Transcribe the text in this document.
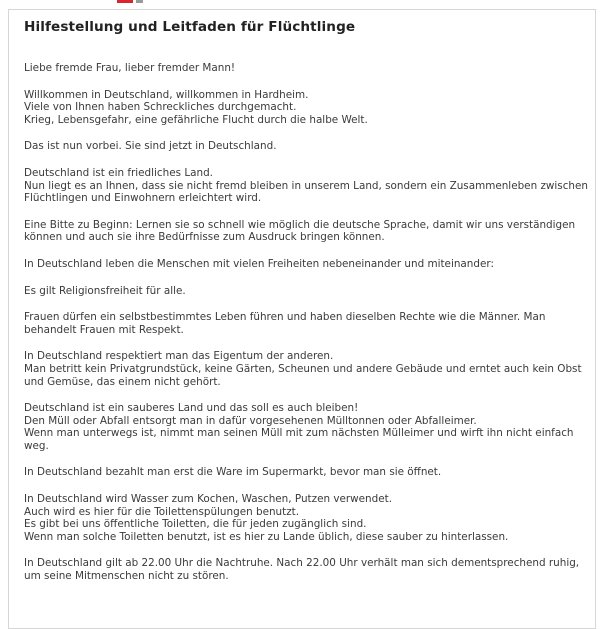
Hilfestellung und Leitfaden für Flüchtlinge

Liebe fremde Frau, lieber fremder Mann!

Willkommen in Deutschland, willkommen in Hardheim.
Viele von Ihnen haben Schreckliches durchgemacht.
Krieg, Lebensgefahr, eine gefährliche Flucht durch die halbe Welt.

Das ist nun vorbei. Sie sind jetzt in Deutschland.

Deutschland ist ein friedliches Land.
Nun liegt es an Ihnen, dass sie nicht fremd bleiben in unserem Land, sondern ein Zusammenleben zwischen
Flüchtlingen und Einwohnern erleichtert wird.

Eine Bitte zu Beginn: Lernen sie so schnell wie möglich die deutsche Sprache, damit wir uns verständigen
können und auch sie ihre Bedürfnisse zum Ausdruck bringen können.

In Deutschland leben die Menschen mit vielen Freiheiten nebeneinander und miteinander:

Es gilt Religionsfreiheit für alle.

Frauen dürfen ein selbstbestimmtes Leben führen und haben dieselben Rechte wie die Männer. Man
behandelt Frauen mit Respekt.

In Deutschland respektiert man das Eigentum der anderen.
Man betritt kein Privatgrundstück, keine Gärten, Scheunen und andere Gebäude und erntet auch kein Obst
und Gemüse, das einem nicht gehört.

Deutschland ist ein sauberes Land und das soll es auch bleiben!
Den Müll oder Abfall entsorgt man in dafür vorgesehenen Mülltonnen oder Abfalleimer.
Wenn man unterwegs ist, nimmt man seinen Müll mit zum nächsten Mülleimer und wirft ihn nicht einfach
weg.

In Deutschland bezahlt man erst die Ware im Supermarkt, bevor man sie öffnet.

In Deutschland wird Wasser zum Kochen, Waschen, Putzen verwendet.
Auch wird es hier für die Toilettenspülungen benutzt.
Es gibt bei uns öffentliche Toiletten, die für jeden zugänglich sind.
Wenn man solche Toiletten benutzt, ist es hier zu Lande üblich, diese sauber zu hinterlassen.

In Deutschland gilt ab 22.00 Uhr die Nachtruhe. Nach 22.00 Uhr verhält man sich dementsprechend ruhig,
um seine Mitmenschen nicht zu stören.
